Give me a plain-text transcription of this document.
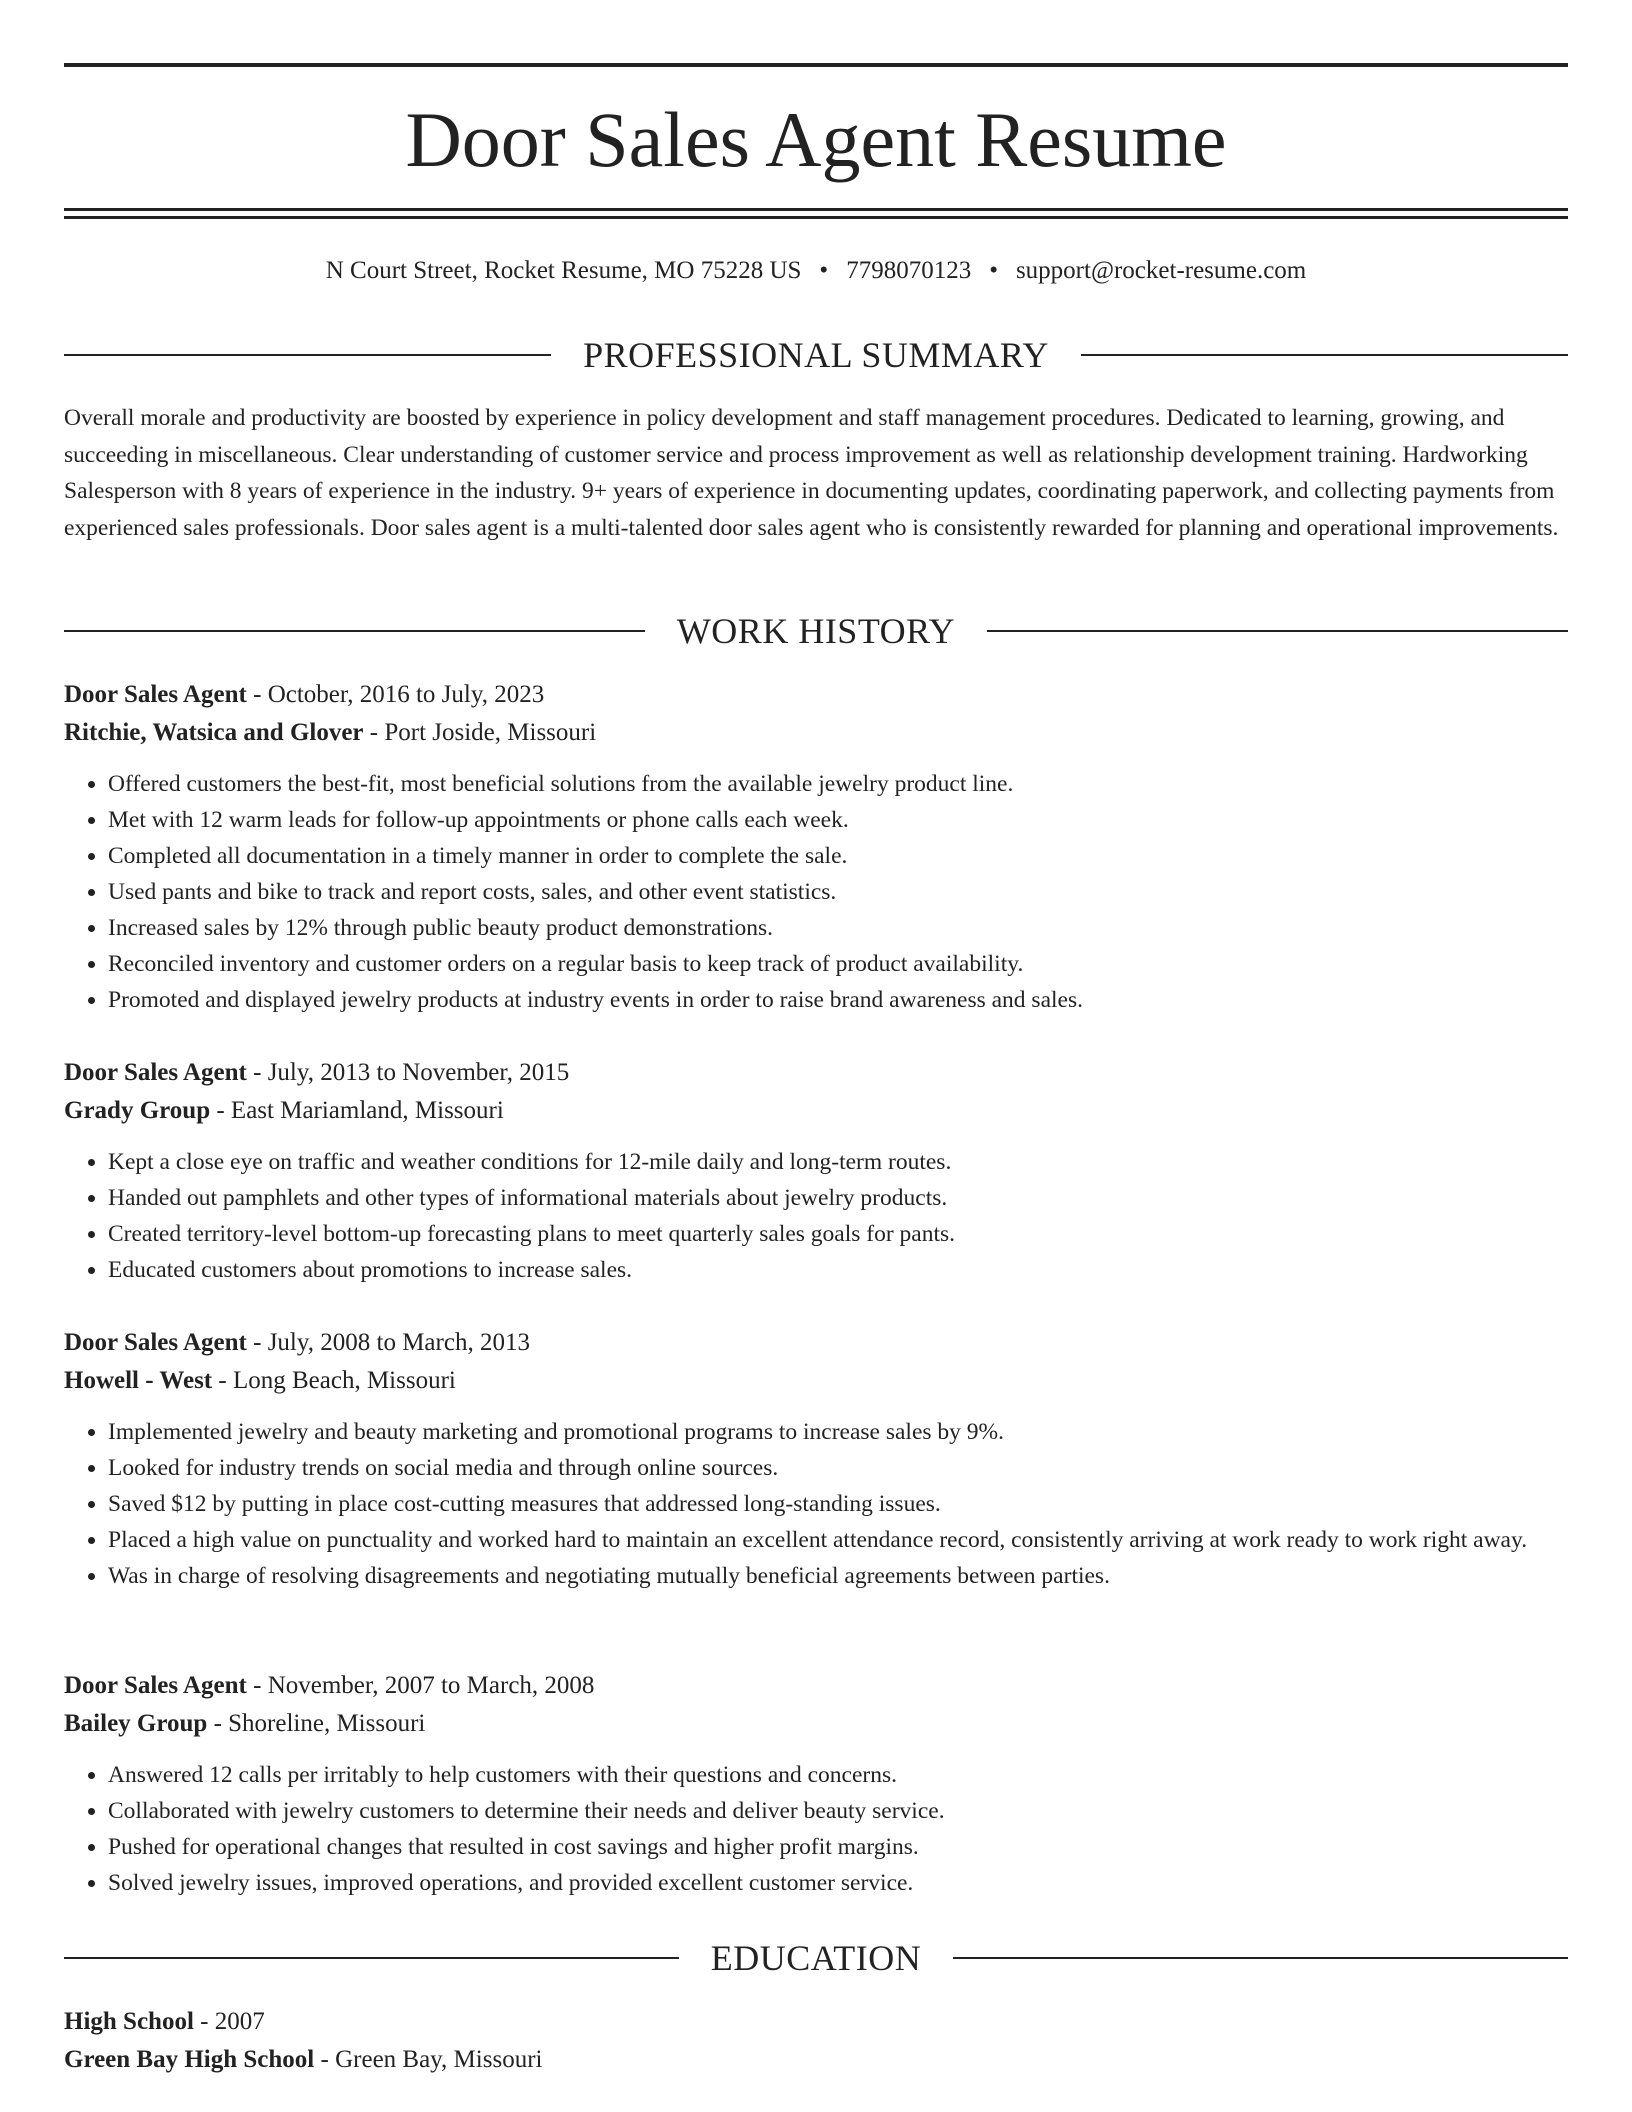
Door Sales Agent Resume
N Court Street, Rocket Resume, MO 75228 US • 7798070123 • support@rocket-resume.com
PROFESSIONAL SUMMARY

Overall morale and productivity are boosted by experience in policy development and staff management procedures. Dedicated to learning, growing, and succeeding in miscellaneous. Clear understanding of customer service and process improvement as well as relationship development training. Hardworking Salesperson with 8 years of experience in the industry. 9+ years of experience in documenting updates, coordinating paperwork, and collecting payments from experienced sales professionals. Door sales agent is a multi-talented door sales agent who is consistently rewarded for planning and operational improvements.

WORK HISTORY
Door Sales Agent - October, 2016 to July, 2023
Ritchie, Watsica and Glover - Port Joside, Missouri
• Offered customers the best-fit, most beneficial solutions from the available jewelry product line.
• Met with 12 warm leads for follow-up appointments or phone calls each week.
• Completed all documentation in a timely manner in order to complete the sale.
• Used pants and bike to track and report costs, sales, and other event statistics.
• Increased sales by 12% through public beauty product demonstrations.
• Reconciled inventory and customer orders on a regular basis to keep track of product availability.
• Promoted and displayed jewelry products at industry events in order to raise brand awareness and sales.
Door Sales Agent - July, 2013 to November, 2015
Grady Group - East Mariamland, Missouri
• Kept a close eye on traffic and weather conditions for 12-mile daily and long-term routes.
• Handed out pamphlets and other types of informational materials about jewelry products.
• Created territory-level bottom-up forecasting plans to meet quarterly sales goals for pants.
• Educated customers about promotions to increase sales.
Door Sales Agent - July, 2008 to March, 2013
Howell - West - Long Beach, Missouri
• Implemented jewelry and beauty marketing and promotional programs to increase sales by 9%.
• Looked for industry trends on social media and through online sources.
• Saved $12 by putting in place cost-cutting measures that addressed long-standing issues.
• Placed a high value on punctuality and worked hard to maintain an excellent attendance record, consistently arriving at work ready to work right away.
• Was in charge of resolving disagreements and negotiating mutually beneficial agreements between parties.
Door Sales Agent - November, 2007 to March, 2008
Bailey Group - Shoreline, Missouri
• Answered 12 calls per irritably to help customers with their questions and concerns.
• Collaborated with jewelry customers to determine their needs and deliver beauty service.
• Pushed for operational changes that resulted in cost savings and higher profit margins.
• Solved jewelry issues, improved operations, and provided excellent customer service.
EDUCATION
High School - 2007
Green Bay High School - Green Bay, Missouri
